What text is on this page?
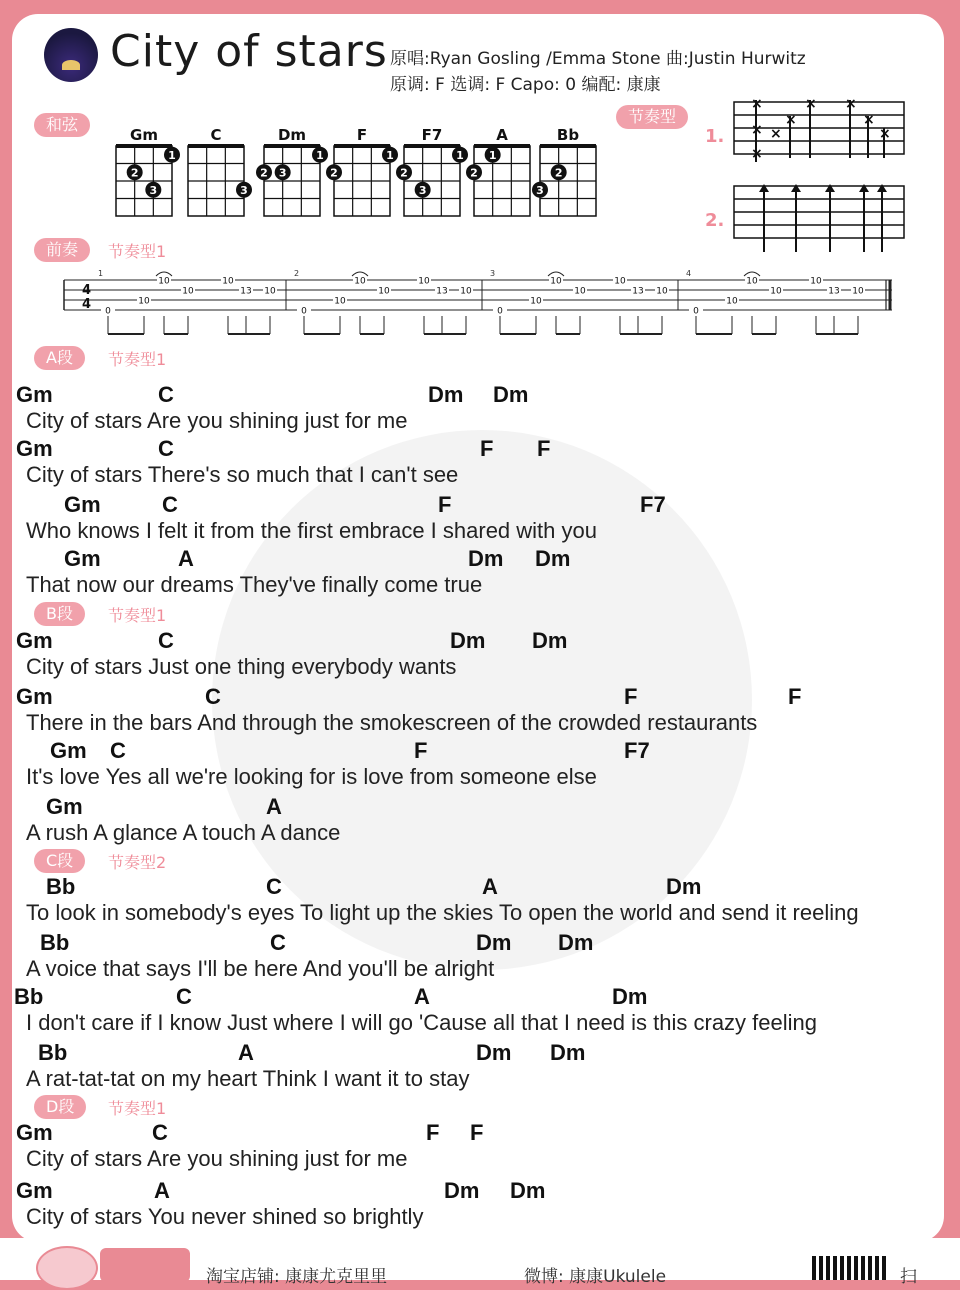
City of stars 原唱:Ryan Gosling /Emma Stone 曲:Justin Hurwitz
原调: F 选调: F Capo: 0 编配: 康康
和弦
1
2
3	3
1
2 3
1
2
1
2
3
1
2
3
2
Gm	C	Dm	F	F7	A	Bb
节奏型
1.
2.
×
×
×
×
×
× ×
×
×
前奏	节奏型1
4
4
1
0
10
10
10
10
13 10
2
0
10
10
10
10
13 10
3
0
10
10
10
10
13 10
4
0
10
10
10
10
13 10
A段	节奏型1
B段	节奏型1
C段	节奏型2
D段	节奏型1
Gm	C	Dm Dm
City of stars Are you shining just for me
Gm	C	F F
City of stars There's so much that I can't see
Gm	C	F	F7
Who knows I felt it from the first embrace I shared with you
Gm	A	Dm Dm
That now our dreams They've finally come true
Gm	C	Dm Dm
City of stars Just one thing everybody wants
Gm	C	F	F
There in the bars And through the smokescreen of the crowded restaurants
Gm C	F	F7
It's love Yes all we're looking for is love from someone else
Gm	A
A rush A glance A touch A dance
Bb	C	A	Dm
To look in somebody's eyes To light up the skies To open the world and send it reeling
Bb	C	Dm Dm
A voice that says I'll be here And you'll be alright
Bb	C	A	Dm
I don't care if I know Just where I will go 'Cause all that I need is this crazy feeling
Bb	A	Dm Dm
A rat-tat-tat on my heart Think I want it to stay
Gm	C	F F
City of stars Are you shining just for me
Gm	A	Dm Dm
City of stars You never shined so brightly
淘宝店铺: 康康尤克里里	微博: 康康Ukulele	扫
